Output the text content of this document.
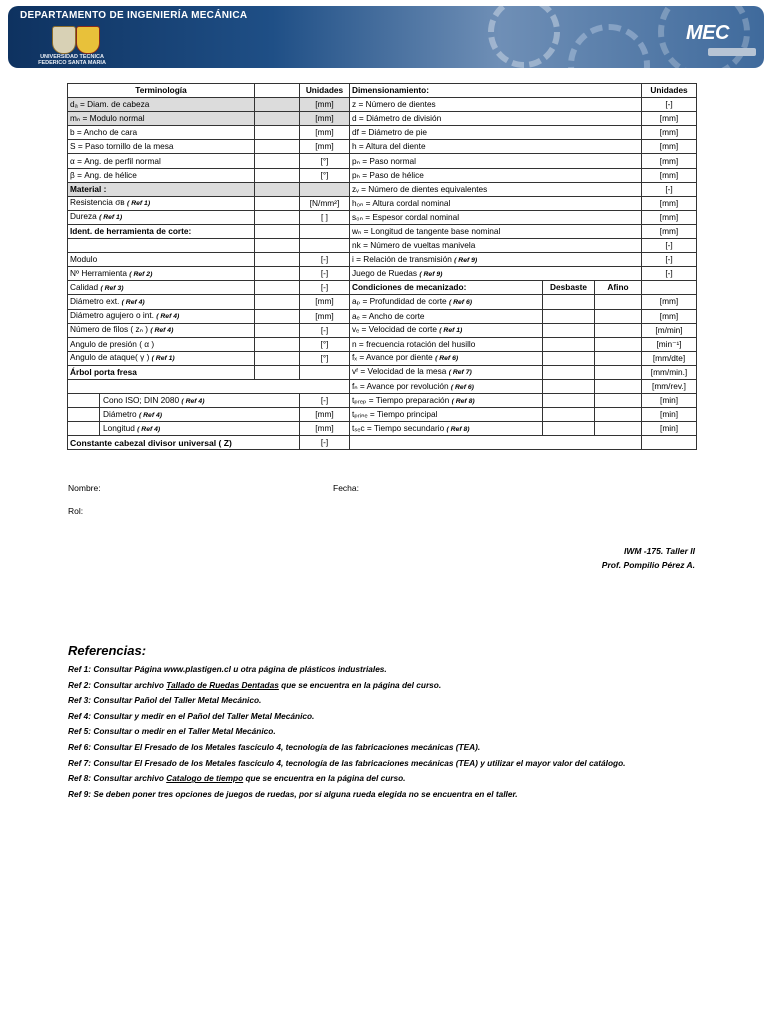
DEPARTAMENTO DE INGENIERÍA MECÁNICA
UNIVERSIDAD TECNICA
FEDERICO SANTA MARIA
MEC
Terminología		Unidades	Dimensionamiento:			Unidades
dₐ = Diam. de cabeza		[mm]	z = Número de dientes			[-]
mₙ = Modulo normal		[mm]	d = Diámetro de división			[mm]
b = Ancho de cara		[mm]	df = Diámetro de pie			[mm]
S = Paso tornillo de la mesa		[mm]	h = Altura del diente			[mm]
α = Ang. de perfil normal		[°]	pₙ = Paso normal			[mm]
β = Ang. de hélice		[°]	pₕ = Paso de hélice			[mm]
Material :			zᵥ = Número de dientes equivalentes			[-]
Resistencia σʙ ( Ref 1)		[N/mm²]	h₀ₙ = Altura cordal nominal			[mm]
Dureza ( Ref 1)		[ ]	s₀ₙ = Espesor cordal nominal			[mm]
Ident. de herramienta de corte:			wₙ = Longitud de tangente base nominal			[mm]
			nk = Número de vueltas manivela			[-]
Modulo		[-]	i = Relación de transmisión ( Ref 9)			[-]
Nº Herramienta ( Ref 2)		[-]	Juego de Ruedas ( Ref 9)			[-]
Calidad ( Ref 3)		[-]	Condiciones de mecanizado:	Desbaste	Afino	
Diámetro ext. ( Ref 4)		[mm]	aₚ = Profundidad de corte ( Ref 6)			[mm]
Diámetro agujero o int. ( Ref 4)		[mm]	aₑ = Ancho de corte			[mm]
Número de filos ( zₙ ) ( Ref 4)		[-]	vₑ = Velocidad de corte ( Ref 1)			[m/min]
Angulo de presión ( α )		[°]	n = frecuencia rotación del husillo			[min⁻¹]
Angulo de ataque( γ ) ( Ref 1)		[°]	fₓ = Avance por diente ( Ref 6)			[mm/dte]
Árbol porta fresa			vᶠ = Velocidad de la mesa ( Ref 7)			[mm/min.]
			fₙ = Avance por revolución ( Ref 6)			[mm/rev.]

Cono ISO; DIN 2080 ( Ref 4)		[-]	tₚᵣₑₚ = Tiempo preparación ( Ref 8)			[min]

Diámetro ( Ref 4)		[mm]	tₚᵣᵢₙₑ = Tiempo principal			[min]

Longitud ( Ref 4)		[mm]	tₛₑc = Tiempo secundario ( Ref 8)			[min]
Constante cabezal divisor universal ( Z)		[-]				
Nombre:	Fecha:
Rol:
IWM -175. Taller II
Prof. Pompilio Pérez A.
Referencias:
Ref 1: Consultar Página www.plastigen.cl u otra página de plásticos industriales.
Ref 2: Consultar archivo Tallado de Ruedas Dentadas que se encuentra en la página del curso.
Ref 3: Consultar Pañol del Taller Metal Mecánico.
Ref 4: Consultar y medir en el Pañol del Taller Metal Mecánico.
Ref 5: Consultar o medir en el Taller Metal Mecánico.
Ref 6: Consultar El Fresado de los Metales fascículo 4, tecnología de las fabricaciones mecánicas (TEA).
Ref 7: Consultar El Fresado de los Metales fascículo 4, tecnología de las fabricaciones mecánicas (TEA) y utilizar el mayor valor del catálogo.
Ref 8: Consultar archivo Catalogo de tiempo que se encuentra en la página del curso.
Ref 9: Se deben poner tres opciones de juegos de ruedas, por si alguna rueda elegida no se encuentra en el taller.
